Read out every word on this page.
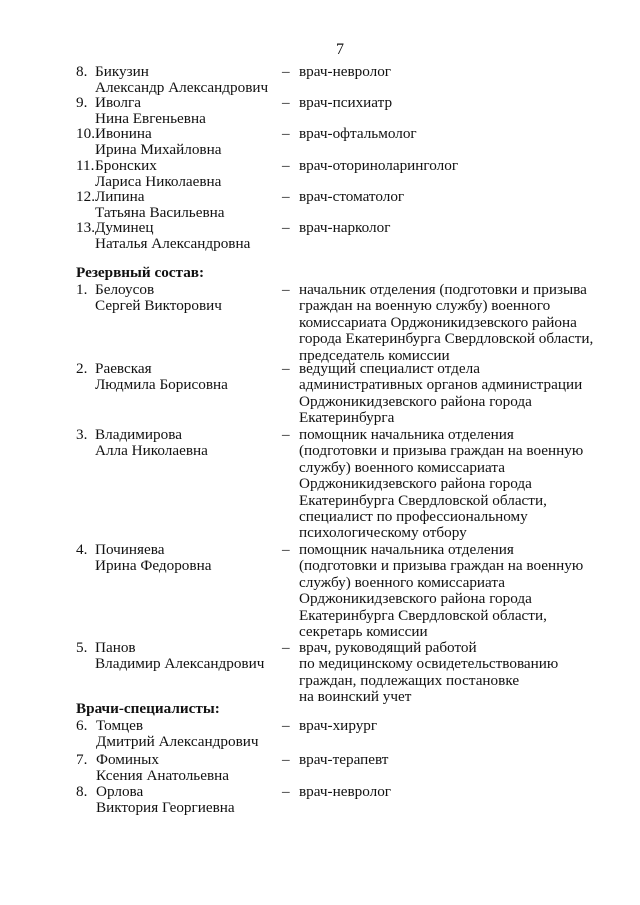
7
8. Бикузин
Александр Александрович
– врач-невролог
9. Иволга
Нина Евгеньевна
– врач-психиатр
10. Ивонина
Ирина Михайловна
– врач-офтальмолог
11. Бронских
Лариса Николаевна
– врач-оториноларинголог
12. Липина
Татьяна Васильевна
– врач-стоматолог
13. Думинец
Наталья Александровна
– врач-нарколог
Резервный состав:
1. Белоусов
Сергей Викторович
– начальник отделения (подготовки и призыва
граждан на военную службу) военного
комиссариата Орджоникидзевского района
города Екатеринбурга Свердловской области,
председатель комиссии
2. Раевская
Людмила Борисовна
– ведущий специалист отдела
административных органов администрации
Орджоникидзевского района города
Екатеринбурга
3. Владимирова
Алла Николаевна
– помощник начальника отделения
(подготовки и призыва граждан на военную
службу) военного комиссариата
Орджоникидзевского района города
Екатеринбурга Свердловской области,
специалист по профессиональному
психологическому отбору
4. Починяева
Ирина Федоровна
– помощник начальника отделения
(подготовки и призыва граждан на военную
службу) военного комиссариата
Орджоникидзевского района города
Екатеринбурга Свердловской области,
секретарь комиссии
5. Панов
Владимир Александрович
– врач, руководящий работой
по медицинскому освидетельствованию
граждан, подлежащих постановке
на воинский учет
Врачи-специалисты:
6. Томцев
Дмитрий Александрович
– врач-хирург
7. Фоминых
Ксения Анатольевна
– врач-терапевт
8. Орлова
Виктория Георгиевна
– врач-невролог
